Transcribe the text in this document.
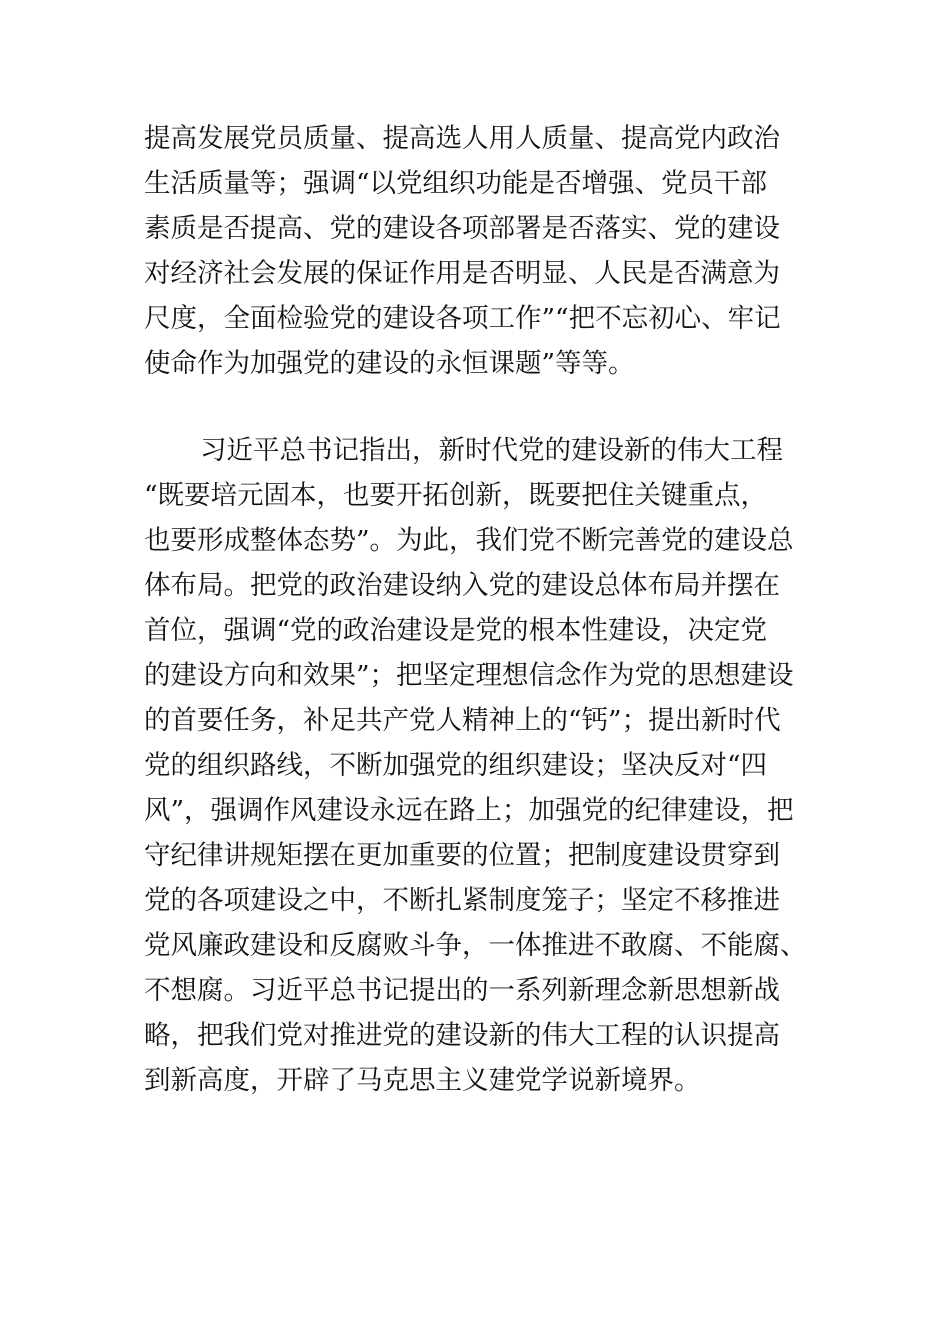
提高发展党员质量、提高选人用人质量、提高党内政治
生活质量等；强调“以党组织功能是否增强、党员干部
素质是否提高、党的建设各项部署是否落实、党的建设
对经济社会发展的保证作用是否明显、人民是否满意为
尺度，全面检验党的建设各项工作”“把不忘初心、牢记
使命作为加强党的建设的永恒课题”等等。
习近平总书记指出，新时代党的建设新的伟大工程
“既要培元固本，也要开拓创新，既要把住关键重点，
也要形成整体态势”。为此，我们党不断完善党的建设总
体布局。把党的政治建设纳入党的建设总体布局并摆在
首位，强调“党的政治建设是党的根本性建设，决定党
的建设方向和效果”；把坚定理想信念作为党的思想建设
的首要任务，补足共产党人精神上的“钙”；提出新时代
党的组织路线，不断加强党的组织建设；坚决反对“四
风”，强调作风建设永远在路上；加强党的纪律建设，把
守纪律讲规矩摆在更加重要的位置；把制度建设贯穿到
党的各项建设之中，不断扎紧制度笼子；坚定不移推进
党风廉政建设和反腐败斗争，一体推进不敢腐、不能腐、
不想腐。习近平总书记提出的一系列新理念新思想新战
略，把我们党对推进党的建设新的伟大工程的认识提高
到新高度，开辟了马克思主义建党学说新境界。
